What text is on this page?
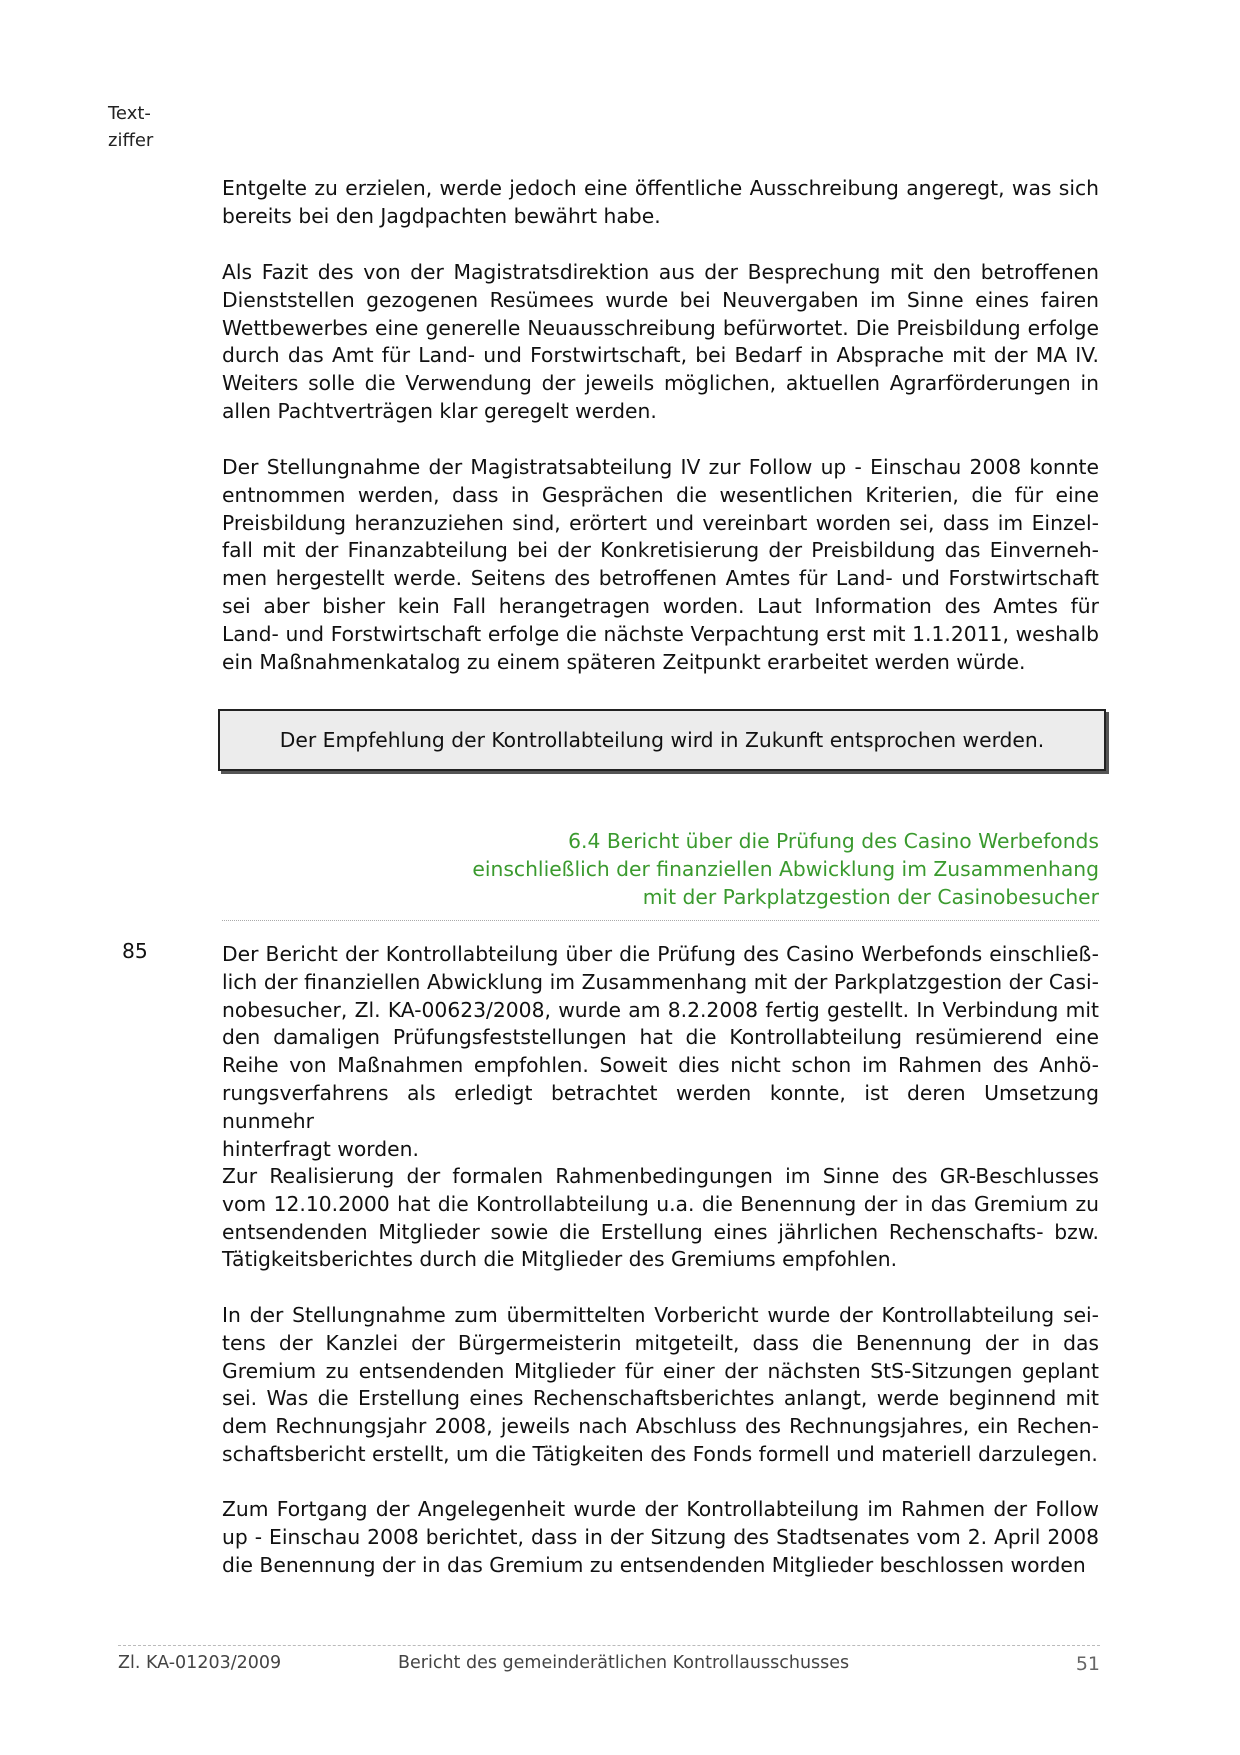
Text-
ziffer

Entgelte zu erzielen, werde jedoch eine öffentliche Ausschreibung angeregt, was sich
bereits bei den Jagdpachten bewährt habe.

Als Fazit des von der Magistratsdirektion aus der Besprechung mit den betroffenen
Dienststellen gezogenen Resümees wurde bei Neuvergaben im Sinne eines fairen
Wettbewerbes eine generelle Neuausschreibung befürwortet. Die Preisbildung erfolge
durch das Amt für Land- und Forstwirtschaft, bei Bedarf in Absprache mit der MA IV.
Weiters solle die Verwendung der jeweils möglichen, aktuellen Agrarförderungen in
allen Pachtverträgen klar geregelt werden.

Der Stellungnahme der Magistratsabteilung IV zur Follow up - Einschau 2008 konnte
entnommen werden, dass in Gesprächen die wesentlichen Kriterien, die für eine
Preisbildung heranzuziehen sind, erörtert und vereinbart worden sei, dass im Einzel-
fall mit der Finanzabteilung bei der Konkretisierung der Preisbildung das Einverneh-
men hergestellt werde. Seitens des betroffenen Amtes für Land- und Forstwirtschaft
sei aber bisher kein Fall herangetragen worden. Laut Information des Amtes für
Land- und Forstwirtschaft erfolge die nächste Verpachtung erst mit 1.1.2011, weshalb
ein Maßnahmenkatalog zu einem späteren Zeitpunkt erarbeitet werden würde.

Der Empfehlung der Kontrollabteilung wird in Zukunft entsprochen werden.
6.4 Bericht über die Prüfung des Casino Werbefonds
einschließlich der finanziellen Abwicklung im Zusammenhang
mit der Parkplatzgestion der Casinobesucher
85	Der Bericht der Kontrollabteilung über die Prüfung des Casino Werbefonds einschließ-
lich der finanziellen Abwicklung im Zusammenhang mit der Parkplatzgestion der Casi-
nobesucher, Zl. KA-00623/2008, wurde am 8.2.2008 fertig gestellt. In Verbindung mit
den damaligen Prüfungsfeststellungen hat die Kontrollabteilung resümierend eine
Reihe von Maßnahmen empfohlen. Soweit dies nicht schon im Rahmen des Anhö-
rungsverfahrens als erledigt betrachtet werden konnte, ist deren Umsetzung nunmehr
hinterfragt worden.

Zur Realisierung der formalen Rahmenbedingungen im Sinne des GR-Beschlusses
vom 12.10.2000 hat die Kontrollabteilung u.a. die Benennung der in das Gremium zu
entsendenden Mitglieder sowie die Erstellung eines jährlichen Rechenschafts- bzw.
Tätigkeitsberichtes durch die Mitglieder des Gremiums empfohlen.

In der Stellungnahme zum übermittelten Vorbericht wurde der Kontrollabteilung sei-
tens der Kanzlei der Bürgermeisterin mitgeteilt, dass die Benennung der in das
Gremium zu entsendenden Mitglieder für einer der nächsten StS-Sitzungen geplant
sei. Was die Erstellung eines Rechenschaftsberichtes anlangt, werde beginnend mit
dem Rechnungsjahr 2008, jeweils nach Abschluss des Rechnungsjahres, ein Rechen-
schaftsbericht erstellt, um die Tätigkeiten des Fonds formell und materiell darzulegen.

Zum Fortgang der Angelegenheit wurde der Kontrollabteilung im Rahmen der Follow
up - Einschau 2008 berichtet, dass in der Sitzung des Stadtsenates vom 2. April 2008
die Benennung der in das Gremium zu entsendenden Mitglieder beschlossen worden

Zl. KA-01203/2009	Bericht des gemeinderätlichen Kontrollausschusses	51
